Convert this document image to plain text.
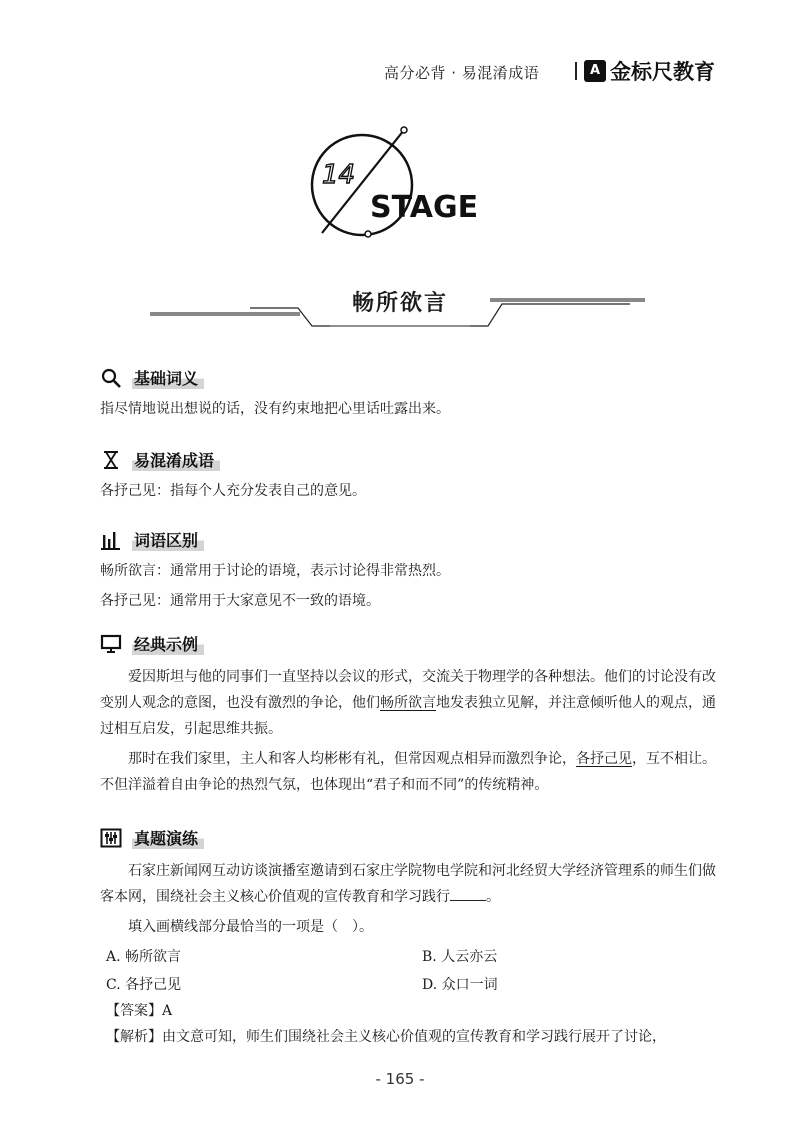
高分必背 · 易混淆成语	A 金标尺教育
14
STAGE
畅所欲言
基础词义
指尽情地说出想说的话，没有约束地把心里话吐露出来。
易混淆成语
各抒己见：指每个人充分发表自己的意见。
词语区别
畅所欲言：通常用于讨论的语境，表示讨论得非常热烈。
各抒己见：通常用于大家意见不一致的语境。
经典示例
爱因斯坦与他的同事们一直坚持以会议的形式，交流关于物理学的各种想法。他们的讨论没有改变别人观念的意图，也没有激烈的争论，他们畅所欲言地发表独立见解，并注意倾听他人的观点，通过相互启发，引起思维共振。
那时在我们家里，主人和客人均彬彬有礼，但常因观点相异而激烈争论，各抒己见，互不相让。不但洋溢着自由争论的热烈气氛，也体现出“君子和而不同”的传统精神。
真题演练
石家庄新闻网互动访谈演播室邀请到石家庄学院物电学院和河北经贸大学经济管理系的师生们做客本网，围绕社会主义核心价值观的宣传教育和学习践行	。
填入画横线部分最恰当的一项是（　）。
A. 畅所欲言	B. 人云亦云
C. 各抒己见	D. 众口一词
【答案】A
【解析】由文意可知，师生们围绕社会主义核心价值观的宣传教育和学习践行展开了讨论，
- 165 -
